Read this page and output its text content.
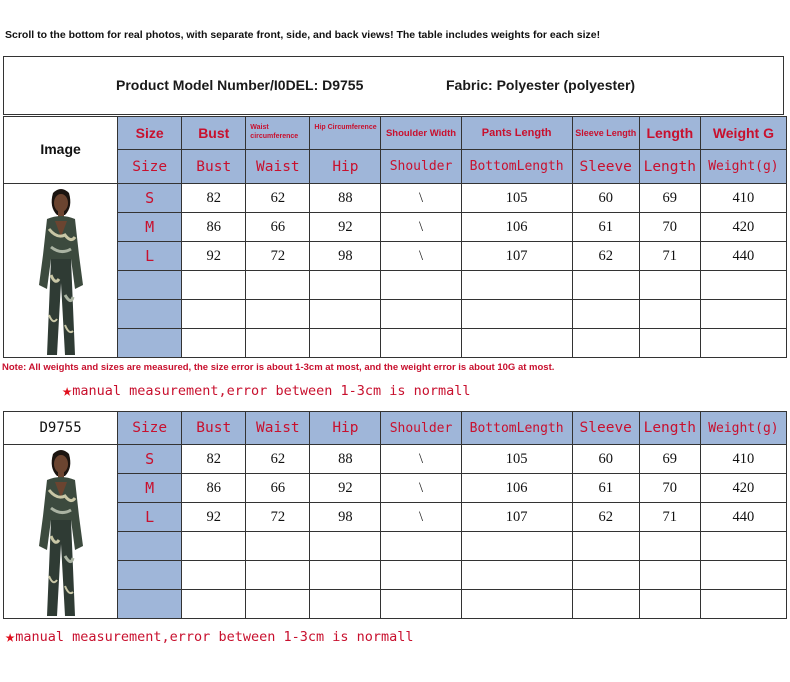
Scroll to the bottom for real photos, with separate front, side, and back views! The table includes weights for each size!
Product Model Number/I0DEL: D9755	Fabric: Polyester (polyester)
Image	Size	Bust	Waist circumference	Hip Circumference	Shoulder Width	Pants Length	Sleeve Length	Length	Weight G
	Size	Bust	Waist	Hip	Shoulder	BottomLength	Sleeve	Length	Weight(g)

	S	82	62	88	\	105	60	69	410
	M	86	66	92	\	106	61	70	420
	L	92	72	98	\	107	62	71	440

Note: All weights and sizes are measured, the size error is about 1-3cm at most, and the weight error is about 10G at most.
★manual measurement,error between 1-3cm is normall
D9755	Size	Bust	Waist	Hip	Shoulder	BottomLength	Sleeve	Length	Weight(g)

	S	82	62	88	\	105	60	69	410
	M	86	66	92	\	106	61	70	420
	L	92	72	98	\	107	62	71	440

★manual measurement,error between 1-3cm is normall
